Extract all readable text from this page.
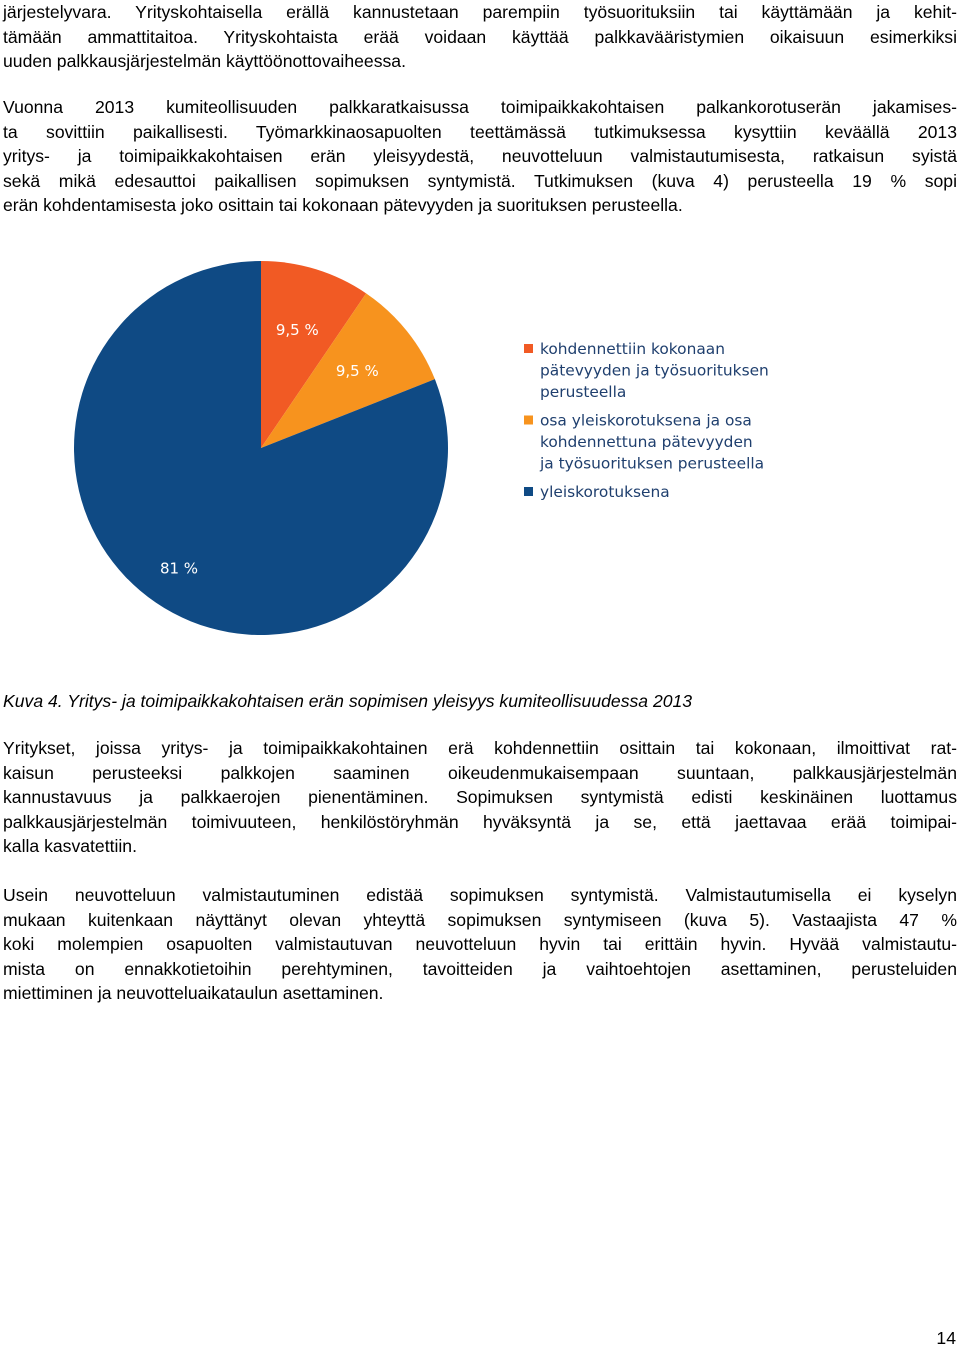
järjestelyvara. Yrityskohtaisella erällä kannustetaan parempiin työsuorituksiin tai käyttämään ja kehit-
tämään ammattitaitoa. Yrityskohtaista erää voidaan käyttää palkkavääristymien oikaisuun esimerkiksi
uuden palkkausjärjestelmän käyttöönottovaiheessa.
Vuonna 2013 kumiteollisuuden palkkaratkaisussa toimipaikkakohtaisen palkankorotuserän jakamises-
ta sovittiin paikallisesti. Työmarkkinaosapuolten teettämässä tutkimuksessa kysyttiin keväällä 2013
yritys- ja toimipaikkakohtaisen erän yleisyydestä, neuvotteluun valmistautumisesta, ratkaisun syistä
sekä mikä edesauttoi paikallisen sopimuksen syntymistä. Tutkimuksen (kuva 4) perusteella 19 % sopi
erän kohdentamisesta joko osittain tai kokonaan pätevyyden ja suorituksen perusteella.
9,5 %
9,5 %
81 %
kohdennettiin kokonaan
pätevyyden ja työsuorituksen
perusteella
osa yleiskorotuksena ja osa
kohdennettuna pätevyyden
ja työsuorituksen perusteella
yleiskorotuksena
Kuva 4. Yritys- ja toimipaikkakohtaisen erän sopimisen yleisyys kumiteollisuudessa 2013
Yritykset, joissa yritys- ja toimipaikkakohtainen erä kohdennettiin osittain tai kokonaan, ilmoittivat rat-
kaisun perusteeksi palkkojen saaminen oikeudenmukaisempaan suuntaan, palkkausjärjestelmän
kannustavuus ja palkkaerojen pienentäminen. Sopimuksen syntymistä edisti keskinäinen luottamus
palkkausjärjestelmän toimivuuteen, henkilöstöryhmän hyväksyntä ja se, että jaettavaa erää toimipai-
kalla kasvatettiin.
Usein neuvotteluun valmistautuminen edistää sopimuksen syntymistä. Valmistautumisella ei kyselyn
mukaan kuitenkaan näyttänyt olevan yhteyttä sopimuksen syntymiseen (kuva 5). Vastaajista 47 %
koki molempien osapuolten valmistautuvan neuvotteluun hyvin tai erittäin hyvin. Hyvää valmistautu-
mista on ennakkotietoihin perehtyminen, tavoitteiden ja vaihtoehtojen asettaminen, perusteluiden
miettiminen ja neuvotteluaikataulun asettaminen.
14
